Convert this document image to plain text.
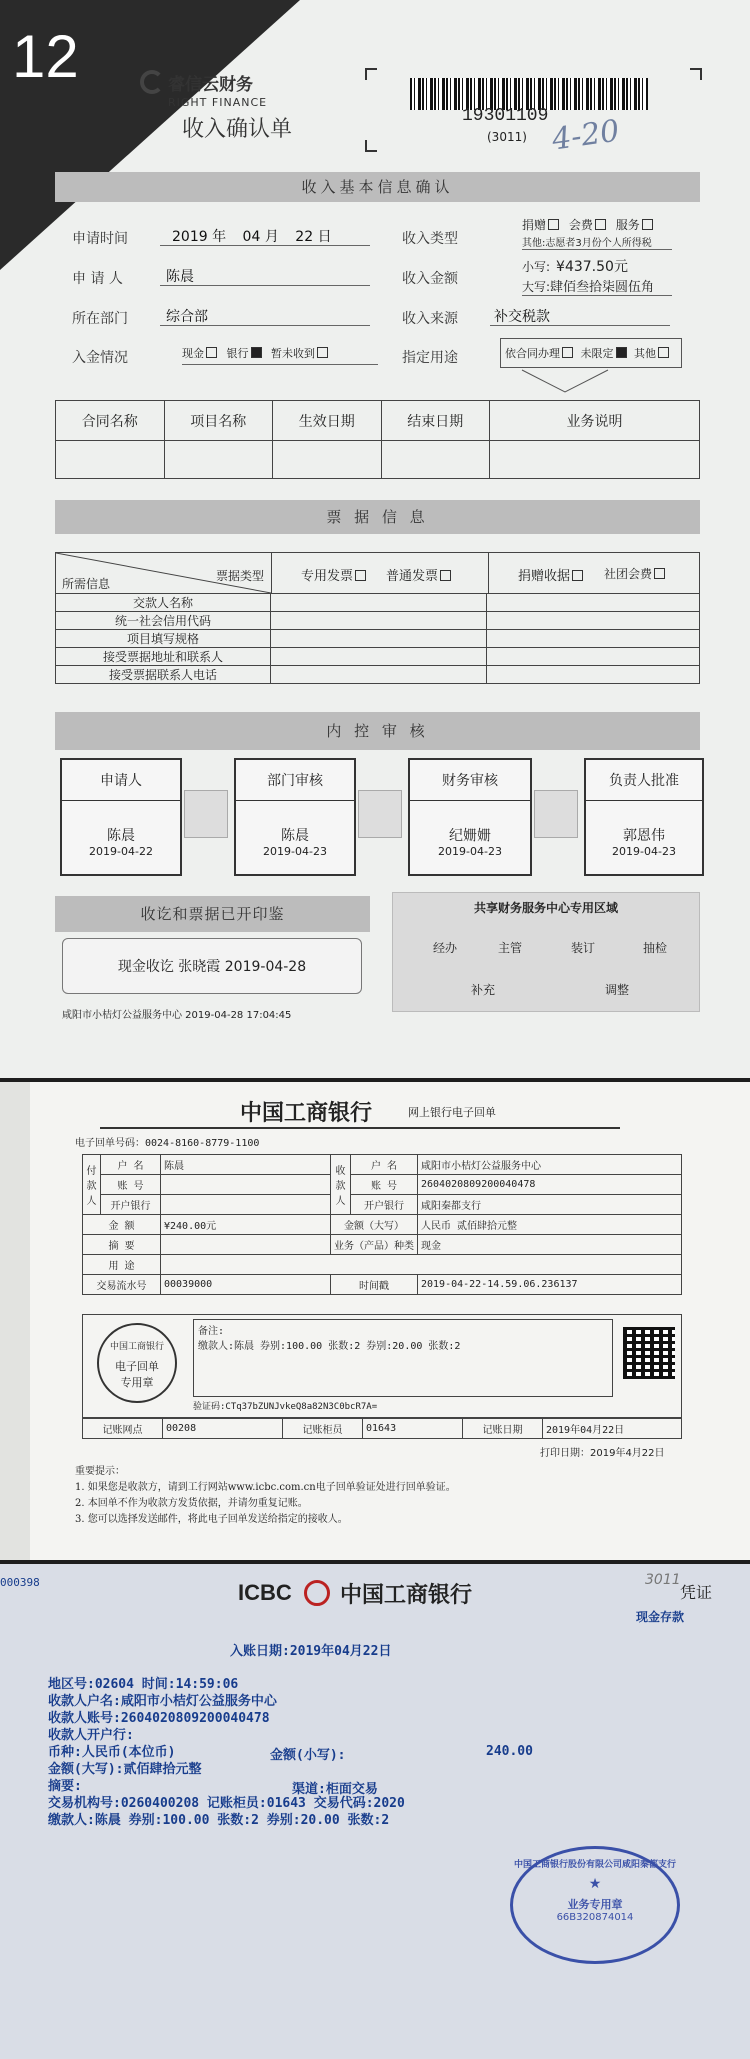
12	睿信云财务
RIGHT FINANCE
收入确认单
19301109
(3011) 4-20
收入基本信息确认
申请时间	2019 年 04 月 22 日
申 请 人	陈晨
所在部门	综合部
入金情况	现金 银行 暂未收到
收入类型
捐赠 会费 服务
其他:志愿者3月份个人所得税
收入金额
小写: ¥437.50元
大写:肆佰叁拾柒圆伍角
收入来源	补交税款
指定用途	依合同办理 未限定 其他
合同名称	项目名称	生效日期	结束日期	业务说明

票 据 信 息
所需信息
票据类型	专用发票	普通发票	捐赠收据	社团会费
交款人名称		
统一社会信用代码		
项目填写规格		
接受票据地址和联系人		
接受票据联系人电话		
内 控 审 核
申请人
陈晨
2019-04-22
部门审核
陈晨
2019-04-23
财务审核
纪姗姗
2019-04-23
负责人批准
郭恩伟
2019-04-23
收讫和票据已开印鉴
现金收讫 张晓霞 2019-04-28
共享财务服务中心专用区域
经办	主管	装订	抽检
补充	调整
咸阳市小桔灯公益服务中心 2019-04-28 17:04:45
中国工商银行	网上银行电子回单
电子回单号码：0024-8160-8779-1100
付款人	户 名	陈晨	收款人	户 名	咸阳市小桔灯公益服务中心
	账 号			账 号	2604020809200040478
	开户银行			开户银行	咸阳秦都支行
金 额		¥240.00元	金额（大写）		人民币 贰佰肆拾元整
摘 要			业务（产品）种类		现金
用 途					
交易流水号		00039000	时间戳		2019-04-22-14.59.06.236137
中国工商银行
电子回单
专用章
备注:
缴款人:陈晨 券别:100.00 张数:2 券别:20.00 张数:2
验证码:CTq37bZUNJvkeQ8a82N3C0bcR7A=
记账网点	00208	记账柜员	01643	记账日期	2019年04月22日
打印日期：2019年4月22日
重要提示：
1. 如果您是收款方，请到工行网站www.icbc.com.cn电子回单验证处进行回单验证。
2. 本回单不作为收款方发货依据，并请勿重复记账。
3. 您可以选择发送邮件，将此电子回单发送给指定的接收人。
000398	ICBC 中国工商银行
3011
凭证
现金存款
入账日期:2019年04月22日
地区号:02604 时间:14:59:06
收款人户名:咸阳市小桔灯公益服务中心
收款人账号:2604020809200040478
收款人开户行:
币种:人民币(本位币)
金额(大写):贰佰肆拾元整
摘要:
交易机构号:0260400208 记账柜员:01643 交易代码:2020
缴款人:陈晨 券别:100.00 张数:2 券别:20.00 张数:2
金额(小写):	240.00
渠道:柜面交易
中国工商银行股份有限公司咸阳秦都支行
★
业务专用章
66B320874014
